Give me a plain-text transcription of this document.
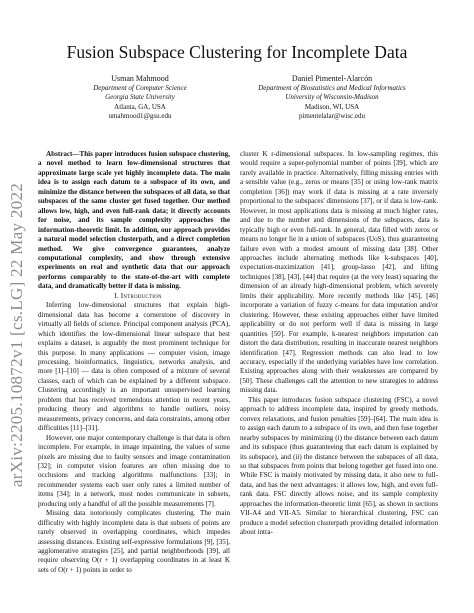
Fusion Subspace Clustering for Incomplete Data
Usman Mahmood
Department of Computer Science
Georgia State University
Atlanta, GA, USA
umahmood1@gsu.edu
Daniel Pimentel-Alarcón
Department of Biostatistics and Medical Informatics
University of Wisconsin-Madison
Madison, WI, USA
pimentelalar@wisc.edu
arXiv:2205.10872v1 [cs.LG] 22 May 2022

Abstract—This paper introduces fusion subspace clustering, a novel method to learn low-dimensional structures that approximate large scale yet highly incomplete data. The main idea is to assign each datum to a subspace of its own, and minimize the distance between the subspaces of all data, so that subspaces of the same cluster get fused together. Our method allows low, high, and even full-rank data; it directly accounts for noise, and its sample complexity approaches the information-theoretic limit. In addition, our approach provides a natural model selection clusterpath, and a direct completion method. We give convergence guarantees, analyze computational complexity, and show through extensive experiments on real and synthetic data that our approach performs comparably to the state-of-the-art with complete data, and dramatically better if data is missing.

I. Introduction

Inferring low-dimensional structures that explain high-dimensional data has become a cornerstone of discovery in virtually all fields of science. Principal component analysis (PCA), which identifies the low-dimensional linear subspace that best explains a dataset, is arguably the most prominent technique for this purpose. In many applications — computer vision, image processing, bioinformatics, linguistics, networks analysis, and more [1]–[10] — data is often composed of a mixture of several classes, each of which can be explained by a different subspace. Clustering accordingly is an important unsupervised learning problem that has received tremendous attention in recent years, producing theory and algorithms to handle outliers, noisy measurements, privacy concerns, and data constraints, among other difficulties [11]–[31].

However, one major contemporary challenge is that data is often incomplete. For example, in image inpainting, the values of some pixels are missing due to faulty sensors and image contamination [32]; in computer vision features are often missing due to occlusions and tracking algorithms malfunctions [33]; in recommender systems each user only rates a limited number of items [34]; in a network, most nodes communicate in subsets, producing only a handful of all the possible measurements [7].

Missing data notoriously complicates clustering. The main difficulty with highly incomplete data is that subsets of points are rarely observed in overlapping coordinates, which impedes assessing distances. Existing self-expressive formulations [9], [35], agglomerative strategies [25], and partial neighborhoods [39], all require observing O(r + 1) overlapping coordinates in at least K sets of O(r + 1) points in order to

cluster K r-dimensional subspaces. In low-sampling regimes, this would require a super-polynomial number of points [39], which are rarely available in practice. Alternatively, filling missing entries with a sensible value (e.g., zeros or means [35] or using low-rank matrix completion [36]) may work if data is missing at a rate inversely proportional to the subspaces' dimensions [37], or if data is low-rank. However, in most applications data is missing at much higher rates, and due to the number and dimensions of the subspaces, data is typically high or even full-rank. In general, data filled with zeros or means no longer lie in a union of subspaces (UoS), thus guaranteeing failure even with a modest amount of missing data [38]. Other approaches include alternating methods like k-subspaces [40], expectation-maximization [41], group-lasso [42], and lifting techniques [38], [43], [44] that require (at the very least) squaring the dimension of an already high-dimensional problem, which severely limits their applicability. More recently methods like [45], [46] incorporate a variation of fuzzy c-means for data imputation and/or clustering. However, these existing approaches either have limited applicability or do not perform well if data is missing in large quantities [50]. For example, k-nearest neighbors imputation can distort the data distribution, resulting in inaccurate nearest neighbors identification [47]. Regression methods can also lead to low accuracy, especially if the underlying variables have low correlation. Existing approaches along with their weaknesses are compared by [50]. These challenges call the attention to new strategies to address missing data.

This paper introduces fusion subspace clustering (FSC), a novel approach to address incomplete data, inspired by greedy methods, convex relaxations, and fusion penalties [59]–[64]. The main idea is to assign each datum to a subspace of its own, and then fuse together nearby subspaces by minimizing (i) the distance between each datum and its subspace (thus guaranteeing that each datum is explained by its subspace), and (ii) the distance between the subspaces of all data, so that subspaces from points that belong together get fused into one. While FSC is mainly motivated by missing data, it also new to full-data, and has the next advantages: it allows low, high, and even full-rank data. FSC directly allows noise, and its sample complexity approaches the information-theoretic limit [65], as shown in sections VII-A4 and VII-A5. Similar to hierarchical clustering, FSC can produce a model selection clusterpath providing detailed information about intra-
